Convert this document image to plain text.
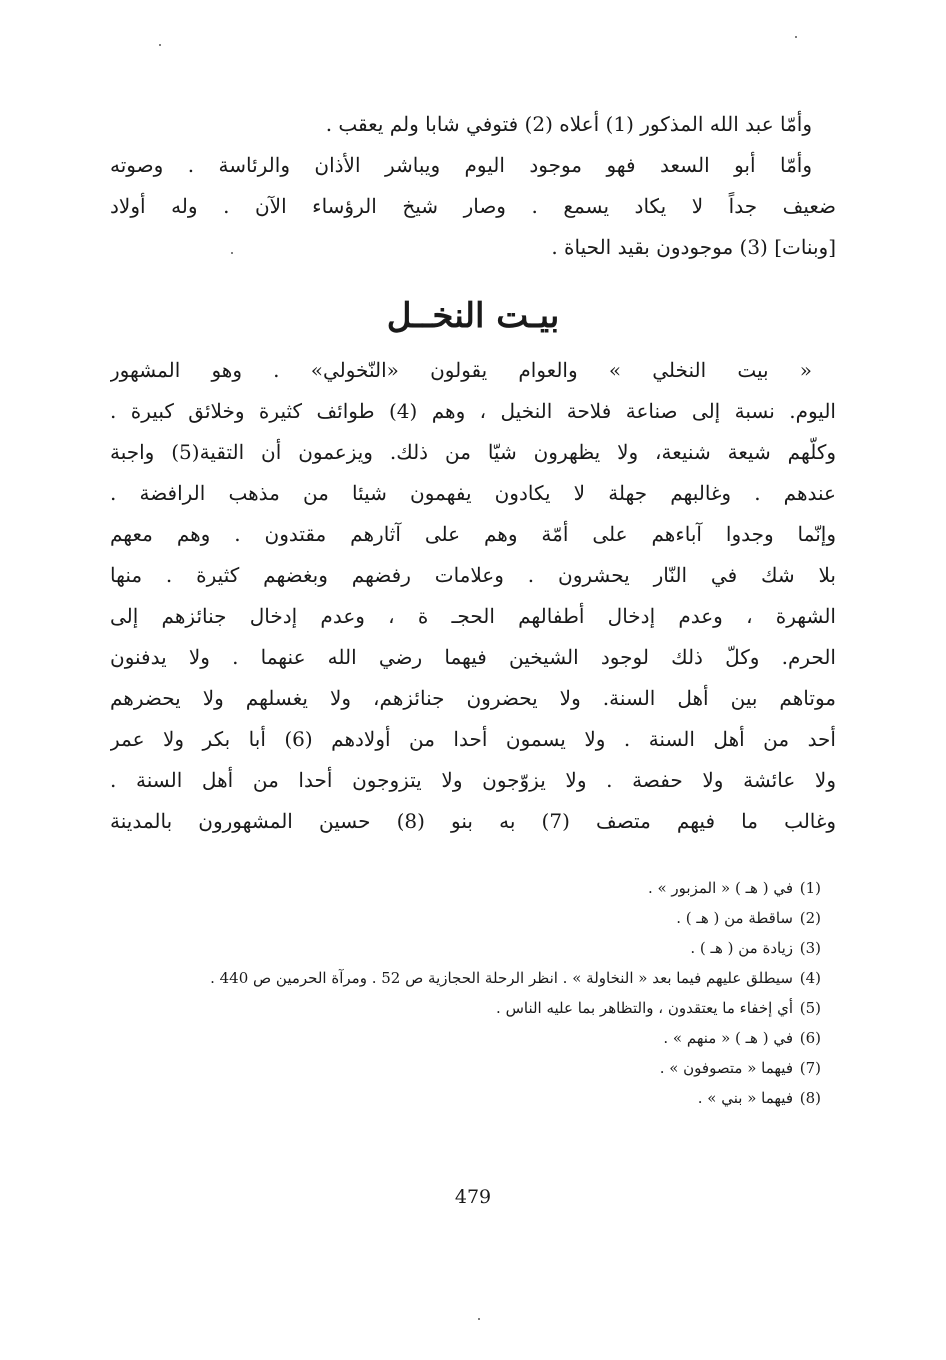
وأمّا عبد الله المذكور (1) أعلاه (2) فتوفي شابا ولم يعقب .
وأمّا أبو السعد فهو موجود اليوم ويباشر الأذان والرئاسة . وصوته
ضعيف جداً لا يكاد يسمع . وصار شيخ الرؤساء الآن . وله أولاد
[وبنات] (3) موجودون بقيد الحياة .
بيـت النخــل
« بيت النخلي » والعوام يقولون «النّخولي» . وهو المشهور
اليوم. نسبة إلى صناعة فلاحة النخيل ، وهم (4) طوائف كثيرة وخلائق كبيرة .
وكلّهم شيعة شنيعة، ولا يظهرون شيّا من ذلك. ويزعمون أن التقية(5) واجبة
عندهم . وغالبهم جهلة لا يكادون يفهمون شيئا من مذهب الرافضة .
وإنّما وجدوا آباءهم على أمّة وهم على آثارهم مقتدون . وهم معهم
بلا شك في النّار يحشرون . وعلامات رفضهم وبغضهم كثيرة . منها
الشهرة ، وعدم إدخال أطفالهم الحجـ ة ، وعدم إدخال جنائزهم إلى
الحرم. وكلّ ذلك لوجود الشيخين فيهما رضي الله عنهما . ولا يدفنون
موتاهم بين أهل السنة. ولا يحضرون جنائزهم، ولا يغسلهم ولا يحضرهم
أحد من أهل السنة . ولا يسمون أحدا من أولادهم (6) أبا بكر ولا عمر
ولا عائشة ولا حفصة . ولا يزوّجون ولا يتزوجون أحدا من أهل السنة .
وغالب ما فيهم متصف (7) به بنو (8) حسين المشهورون بالمدينة
(1)
في ( هـ ) « المزبور » .
(2)
ساقطة من ( هـ ) .
(3)
زيادة من ( هـ ) .
(4)
سيطلق عليهم فيما بعد « النخاولة » . انظر الرحلة الحجازية ص 52 . ومرآة الحرمين ص 440 .
(5)
أي إخفاء ما يعتقدون ، والتظاهر بما عليه الناس .
(6)
في ( هـ ) « منهم » .
(7)
فيهما « متصوفون » .
(8)
فيهما « بني » .
479
